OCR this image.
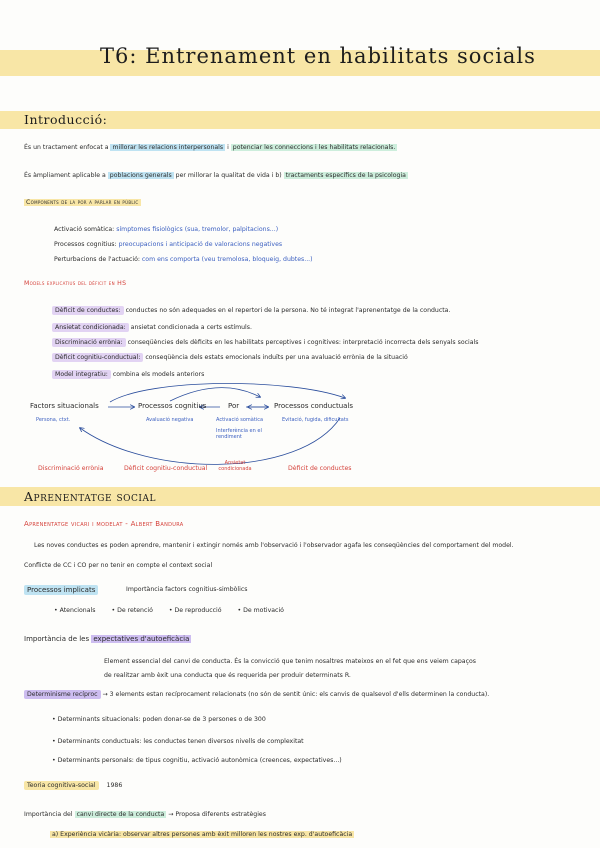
T6: Entrenament en habilitats socials
Introducció:
És un tractament enfocat a millorar les relacions interpersonals i potenciar les conneccions i les habilitats relacionals.
És àmpliament aplicable a poblacions generals per millorar la qualitat de vida i b) tractaments específics de la psicologia
Components de la por a parlar en públic
Activació somàtica: símptomes fisiològics (sua, tremolor, palpitacions...)
Processos cognitius: preocupacions i anticipació de valoracions negatives
Perturbacions de l'actuació: com ens comporta (veu tremolosa, bloqueig, dubtes...)
Models explicatius del dèficit en HS
Dèficit de conductes: conductes no són adequades en el repertori de la persona. No té integrat l'aprenentatge de la conducta.
Ansietat condicionada: ansietat condicionada a certs estímuls.
Discriminació errònia: conseqüències dels dèficits en les habilitats perceptives i cognitives: interpretació incorrecta dels senyals socials
Dèficit cognitiu-conductual: conseqüència dels estats emocionals induïts per una avaluació errònia de la situació
Model integratiu: combina els models anteriors
Factors situacionals
Persona, ctxt.
Processos cognitius
Avaluació negativa
Por
Activació somàtica
Interferència en el rendiment
Processos conductuals
Evitació, fugida, dificultats
Discriminació errònia	Dèficit cognitiu-conductual
Ansietat condicionada	Dèficit de conductes
Aprenentatge social
Aprenentatge vicari i modelat - Albert Bandura
Les noves conductes es poden aprendre, mantenir i extingir només amb l'observació i l'observador agafa les conseqüències del comportament del model.
Conflicte de CC i CO per no tenir en compte el context social
Processos implicats	Importància factors cognitius-simbòlics
• Atencionals	• De retenció	• De reproducció	• De motivació
Importància de les expectatives d'autoeficàcia
Element essencial del canvi de conducta. És la convicció que tenim nosaltres mateixos en el fet que ens veiem capaços
de realitzar amb èxit una conducta que és requerida per produir determinats R.
Determinisme recíproc → 3 elements estan recíprocament relacionats (no són de sentit únic: els canvis de qualsevol d'ells determinen la conducta).
• Determinants situacionals: poden donar-se de 3 persones o de 300
• Determinants conductuals: les conductes tenen diversos nivells de complexitat
• Determinants personals: de tipus cognitiu, activació autonòmica (creences, expectatives...)
Teoria cognitiva-social 1986
Importància del canvi directe de la conducta → Proposa diferents estratègies
a) Experiència vicària: observar altres persones amb èxit milloren les nostres exp. d'autoeficàcia
